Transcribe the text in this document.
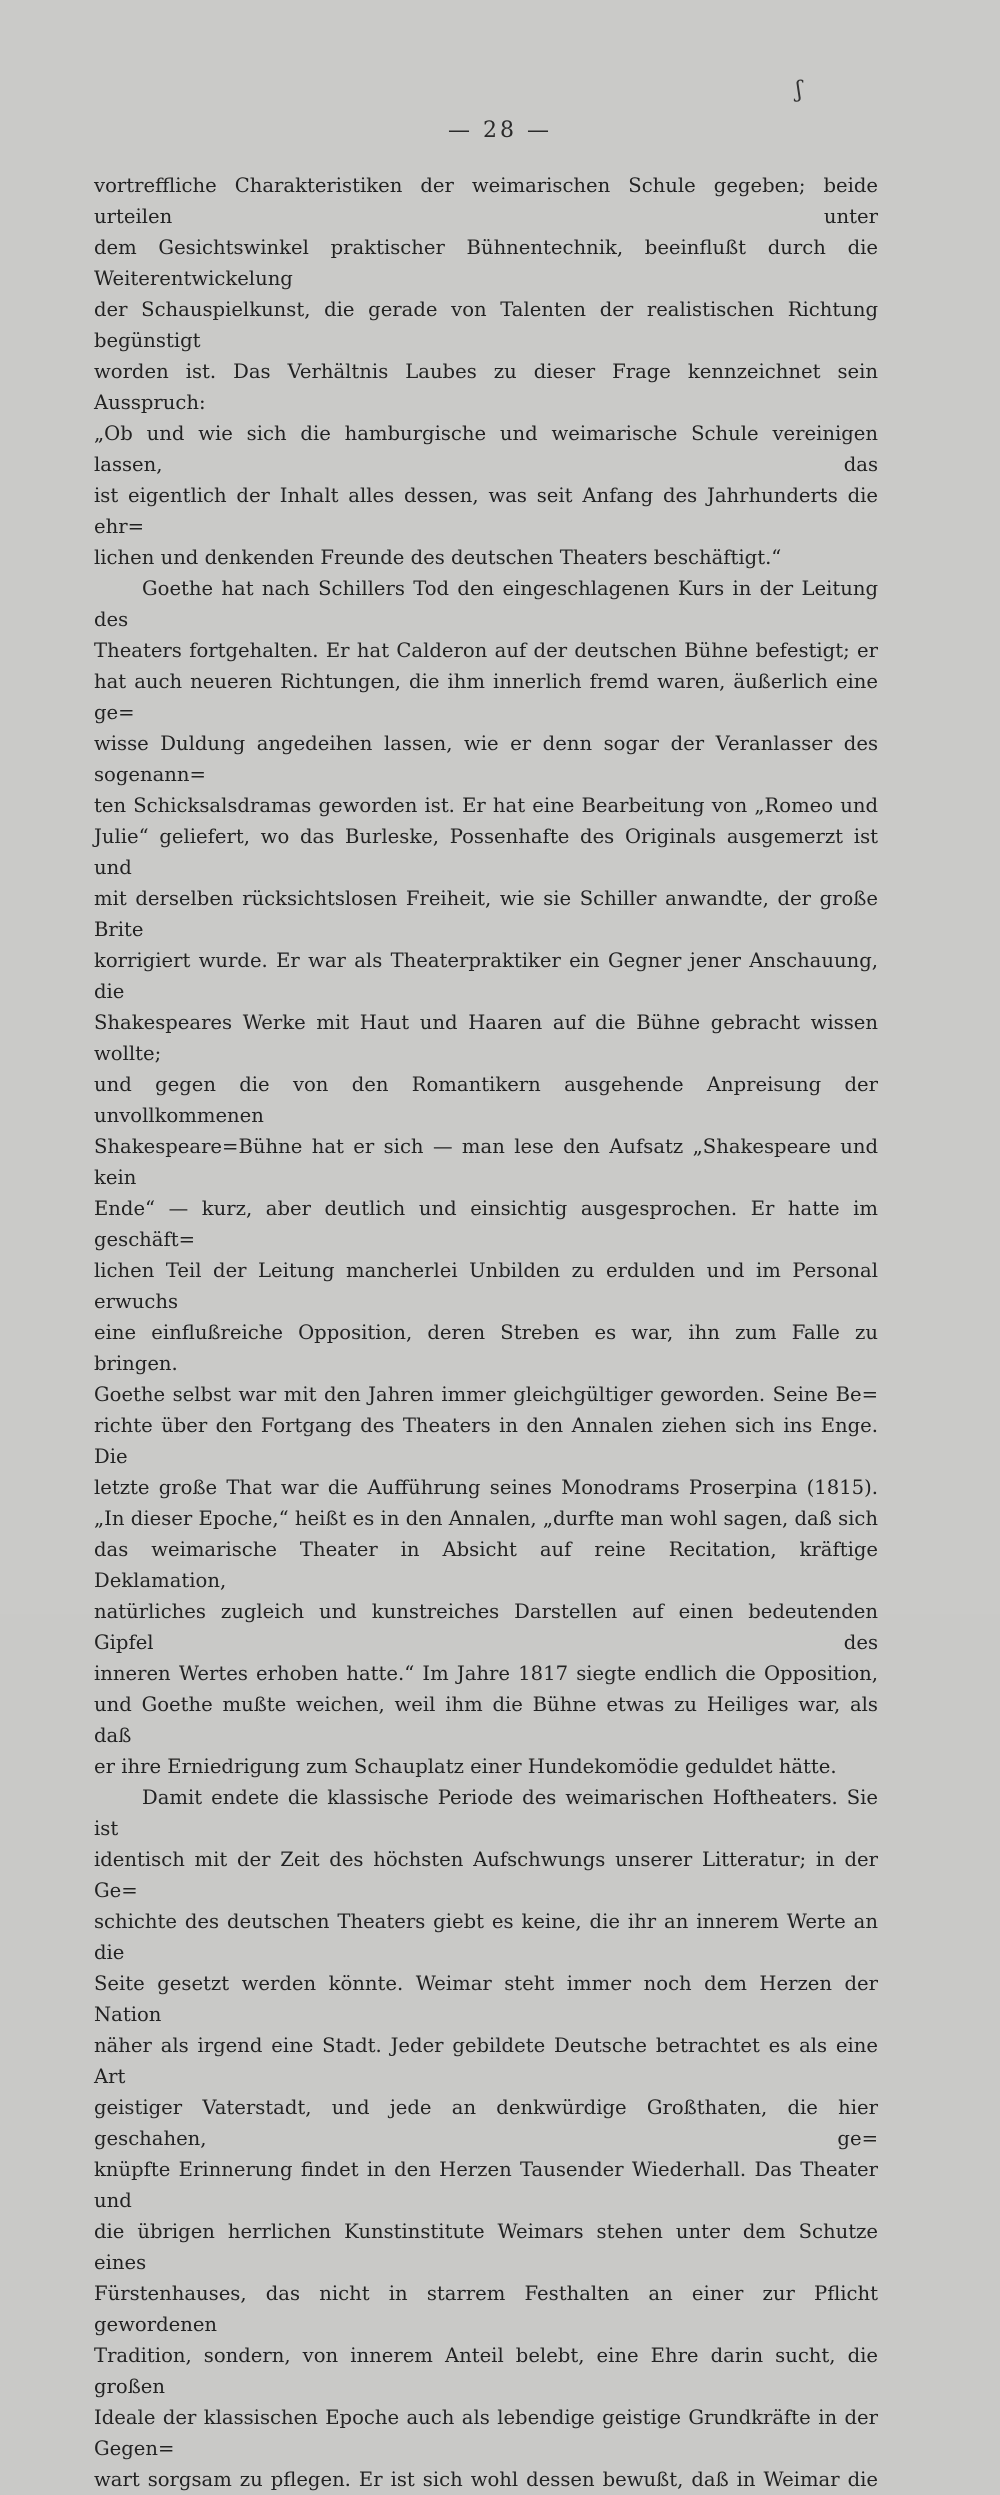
ʃ
— 28 —

vortreffliche Charakteristiken der weimarischen Schule gegeben; beide urteilen unter

dem Gesichtswinkel praktischer Bühnentechnik, beeinflußt durch die Weiterentwickelung

der Schauspielkunst, die gerade von Talenten der realistischen Richtung begünstigt

worden ist. Das Verhältnis Laubes zu dieser Frage kennzeichnet sein Ausspruch:

„Ob und wie sich die hamburgische und weimarische Schule vereinigen lassen, das

ist eigentlich der Inhalt alles dessen, was seit Anfang des Jahrhunderts die ehr=

lichen und denkenden Freunde des deutschen Theaters beschäftigt.“

Goethe hat nach Schillers Tod den eingeschlagenen Kurs in der Leitung des

Theaters fortgehalten. Er hat Calderon auf der deutschen Bühne befestigt; er

hat auch neueren Richtungen, die ihm innerlich fremd waren, äußerlich eine ge=

wisse Duldung angedeihen lassen, wie er denn sogar der Veranlasser des sogenann=

ten Schicksalsdramas geworden ist. Er hat eine Bearbeitung von „Romeo und

Julie“ geliefert, wo das Burleske, Possenhafte des Originals ausgemerzt ist und

mit derselben rücksichtslosen Freiheit, wie sie Schiller anwandte, der große Brite

korrigiert wurde. Er war als Theaterpraktiker ein Gegner jener Anschauung, die

Shakespeares Werke mit Haut und Haaren auf die Bühne gebracht wissen wollte;

und gegen die von den Romantikern ausgehende Anpreisung der unvollkommenen

Shakespeare=Bühne hat er sich — man lese den Aufsatz „Shakespeare und kein

Ende“ — kurz, aber deutlich und einsichtig ausgesprochen. Er hatte im geschäft=

lichen Teil der Leitung mancherlei Unbilden zu erdulden und im Personal erwuchs

eine einflußreiche Opposition, deren Streben es war, ihn zum Falle zu bringen.

Goethe selbst war mit den Jahren immer gleichgültiger geworden. Seine Be=

richte über den Fortgang des Theaters in den Annalen ziehen sich ins Enge. Die

letzte große That war die Aufführung seines Monodrams Proserpina (1815).

„In dieser Epoche,“ heißt es in den Annalen, „durfte man wohl sagen, daß sich

das weimarische Theater in Absicht auf reine Recitation, kräftige Deklamation,

natürliches zugleich und kunstreiches Darstellen auf einen bedeutenden Gipfel des

inneren Wertes erhoben hatte.“ Im Jahre 1817 siegte endlich die Opposition,

und Goethe mußte weichen, weil ihm die Bühne etwas zu Heiliges war, als daß

er ihre Erniedrigung zum Schauplatz einer Hundekomödie geduldet hätte.

Damit endete die klassische Periode des weimarischen Hoftheaters. Sie ist

identisch mit der Zeit des höchsten Aufschwungs unserer Litteratur; in der Ge=

schichte des deutschen Theaters giebt es keine, die ihr an innerem Werte an die

Seite gesetzt werden könnte. Weimar steht immer noch dem Herzen der Nation

näher als irgend eine Stadt. Jeder gebildete Deutsche betrachtet es als eine Art

geistiger Vaterstadt, und jede an denkwürdige Großthaten, die hier geschahen, ge=

knüpfte Erinnerung findet in den Herzen Tausender Wiederhall. Das Theater und

die übrigen herrlichen Kunstinstitute Weimars stehen unter dem Schutze eines

Fürstenhauses, das nicht in starrem Festhalten an einer zur Pflicht gewordenen

Tradition, sondern, von innerem Anteil belebt, eine Ehre darin sucht, die großen

Ideale der klassischen Epoche auch als lebendige geistige Grundkräfte in der Gegen=

wart sorgsam zu pflegen. Er ist sich wohl dessen bewußt, daß in Weimar die
